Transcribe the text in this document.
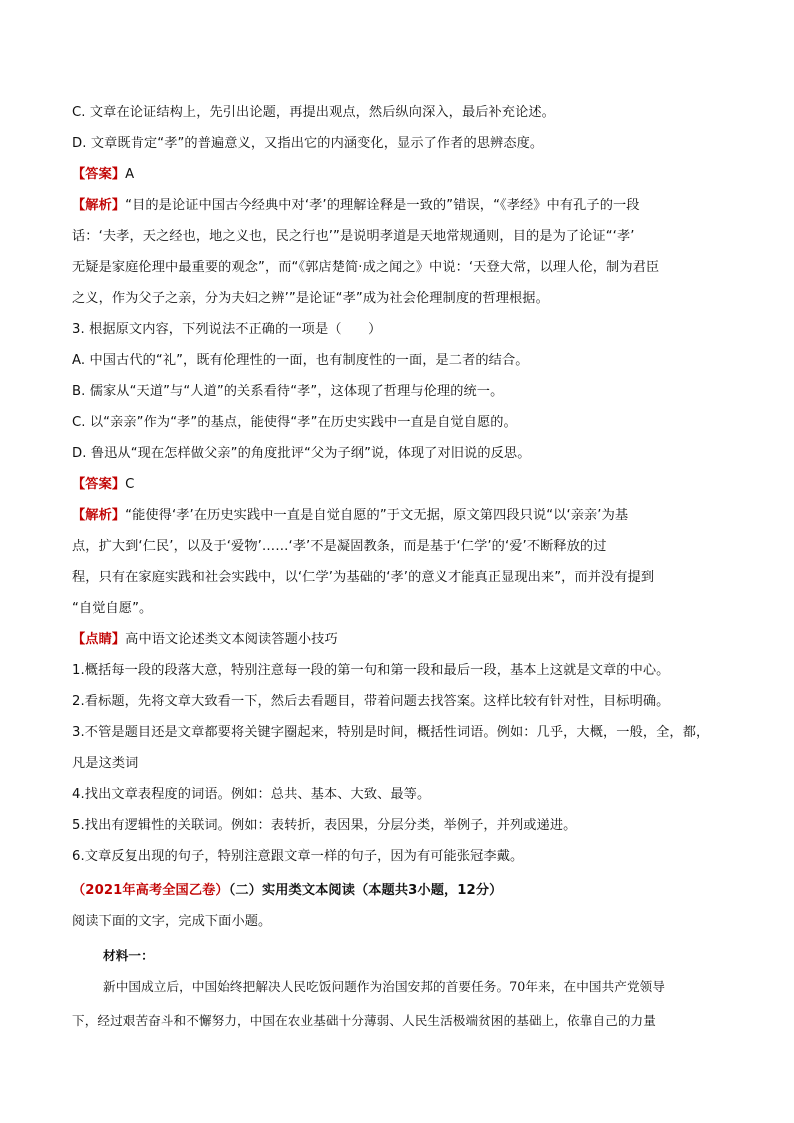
C. 文章在论证结构上，先引出论题，再提出观点，然后纵向深入，最后补充论述。
D. 文章既肯定“孝”的普遍意义，又指出它的内涵变化，显示了作者的思辨态度。
【答案】A
【解析】“目的是论证中国古今经典中对‘孝’的理解诠释是一致的”错误，“《孝经》中有孔子的一段
话：‘夫孝，天之经也，地之义也，民之行也’”是说明孝道是天地常规通则，目的是为了论证“‘孝’
无疑是家庭伦理中最重要的观念”，而“《郭店楚简·成之闻之》中说：‘天登大常，以理人伦，制为君臣
之义，作为父子之亲，分为夫妇之辨’”是论证“孝”成为社会伦理制度的哲理根据。
3. 根据原文内容，下列说法不正确的一项是（　　）
A. 中国古代的“礼”，既有伦理性的一面，也有制度性的一面，是二者的结合。
B. 儒家从“天道”与“人道”的关系看待“孝”，这体现了哲理与伦理的统一。
C. 以“亲亲”作为“孝”的基点，能使得“孝”在历史实践中一直是自觉自愿的。
D. 鲁迅从“现在怎样做父亲”的角度批评“父为子纲”说，体现了对旧说的反思。
【答案】C
【解析】“能使得‘孝’在历史实践中一直是自觉自愿的”于文无据，原文第四段只说“以‘亲亲’为基
点，扩大到‘仁民’，以及于‘爱物’……‘孝’不是凝固教条，而是基于‘仁学’的‘爱’不断释放的过
程，只有在家庭实践和社会实践中，以‘仁学’为基础的‘孝’的意义才能真正显现出来”，而并没有提到
“自觉自愿”。
【点睛】高中语文论述类文本阅读答题小技巧
1.概括每一段的段落大意，特别注意每一段的第一句和第一段和最后一段，基本上这就是文章的中心。
2.看标题，先将文章大致看一下，然后去看题目，带着问题去找答案。这样比较有针对性，目标明确。
3.不管是题目还是文章都要将关键字圈起来，特别是时间，概括性词语。例如：几乎，大概，一般，全，都，
凡是这类词
4.找出文章表程度的词语。例如：总共、基本、大致、最等。
5.找出有逻辑性的关联词。例如：表转折，表因果，分层分类，举例子，并列或递进。
6.文章反复出现的句子，特别注意跟文章一样的句子，因为有可能张冠李戴。
（2021年高考全国乙卷）（二）实用类文本阅读（本题共3小题，12分）
阅读下面的文字，完成下面小题。
材料一：
新中国成立后，中国始终把解决人民吃饭问题作为治国安邦的首要任务。70年来，在中国共产党领导
下，经过艰苦奋斗和不懈努力，中国在农业基础十分薄弱、人民生活极端贫困的基础上，依靠自己的力量
